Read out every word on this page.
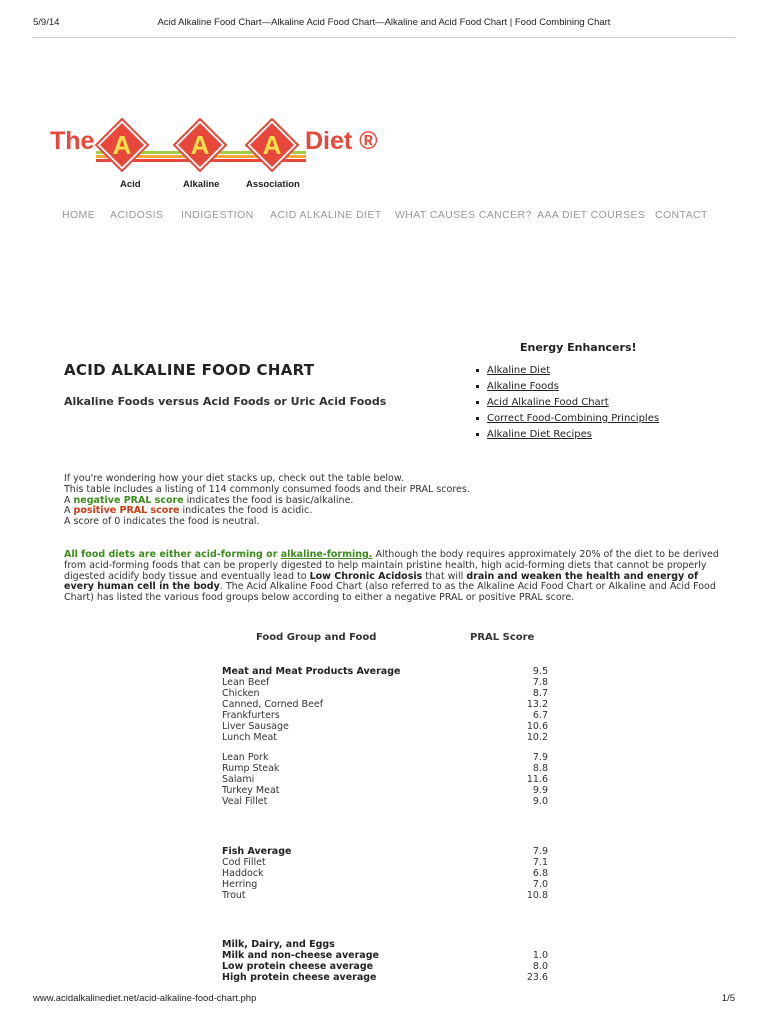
5/9/14	Acid Alkaline Food Chart—Alkaline Acid Food Chart—Alkaline and Acid Food Chart | Food Combining Chart
The A A A Diet ®
Acid	Alkaline	Association
HOME ACIDOSIS INDIGESTION ACID ALKALINE DIET WHAT CAUSES CANCER? AAA DIET COURSES CONTACT
Energy Enhancers!
Alkaline Diet
Alkaline Foods
Acid Alkaline Food Chart
Correct Food-Combining Principles
Alkaline Diet Recipes
ACID ALKALINE FOOD CHART
Alkaline Foods versus Acid Foods or Uric Acid Foods
If you're wondering how your diet stacks up, check out the table below.
This table includes a listing of 114 commonly consumed foods and their PRAL scores.
A negative PRAL score indicates the food is basic/alkaline.
A positive PRAL score indicates the food is acidic.
A score of 0 indicates the food is neutral.
All food diets are either acid-forming or alkaline-forming. Although the body requires approximately 20% of the diet to be derived
from acid-forming foods that can be properly digested to help maintain pristine health, high acid-forming diets that cannot be properly
digested acidify body tissue and eventually lead to Low Chronic Acidosis that will drain and weaken the health and energy of
every human cell in the body. The Acid Alkaline Food Chart (also referred to as the Alkaline Acid Food Chart or Alkaline and Acid Food
Chart) has listed the various food groups below according to either a negative PRAL or positive PRAL score.
Food Group and Food	PRAL Score
Meat and Meat Products Average	9.5
Lean Beef	7.8
Chicken	8.7
Canned, Corned Beef	13.2
Frankfurters	6.7
Liver Sausage	10.6
Lunch Meat	10.2
Lean Pork	7.9
Rump Steak	8.8
Salami	11.6
Turkey Meat	9.9
Veal Fillet	9.0
Fish Average	7.9
Cod Fillet	7.1
Haddock	6.8
Herring	7.0
Trout	10.8
Milk, Dairy, and Eggs
Milk and non-cheese average	1.0
Low protein cheese average	8.0
High protein cheese average	23.6
www.acidalkalinediet.net/acid-alkaline-food-chart.php	1/5
